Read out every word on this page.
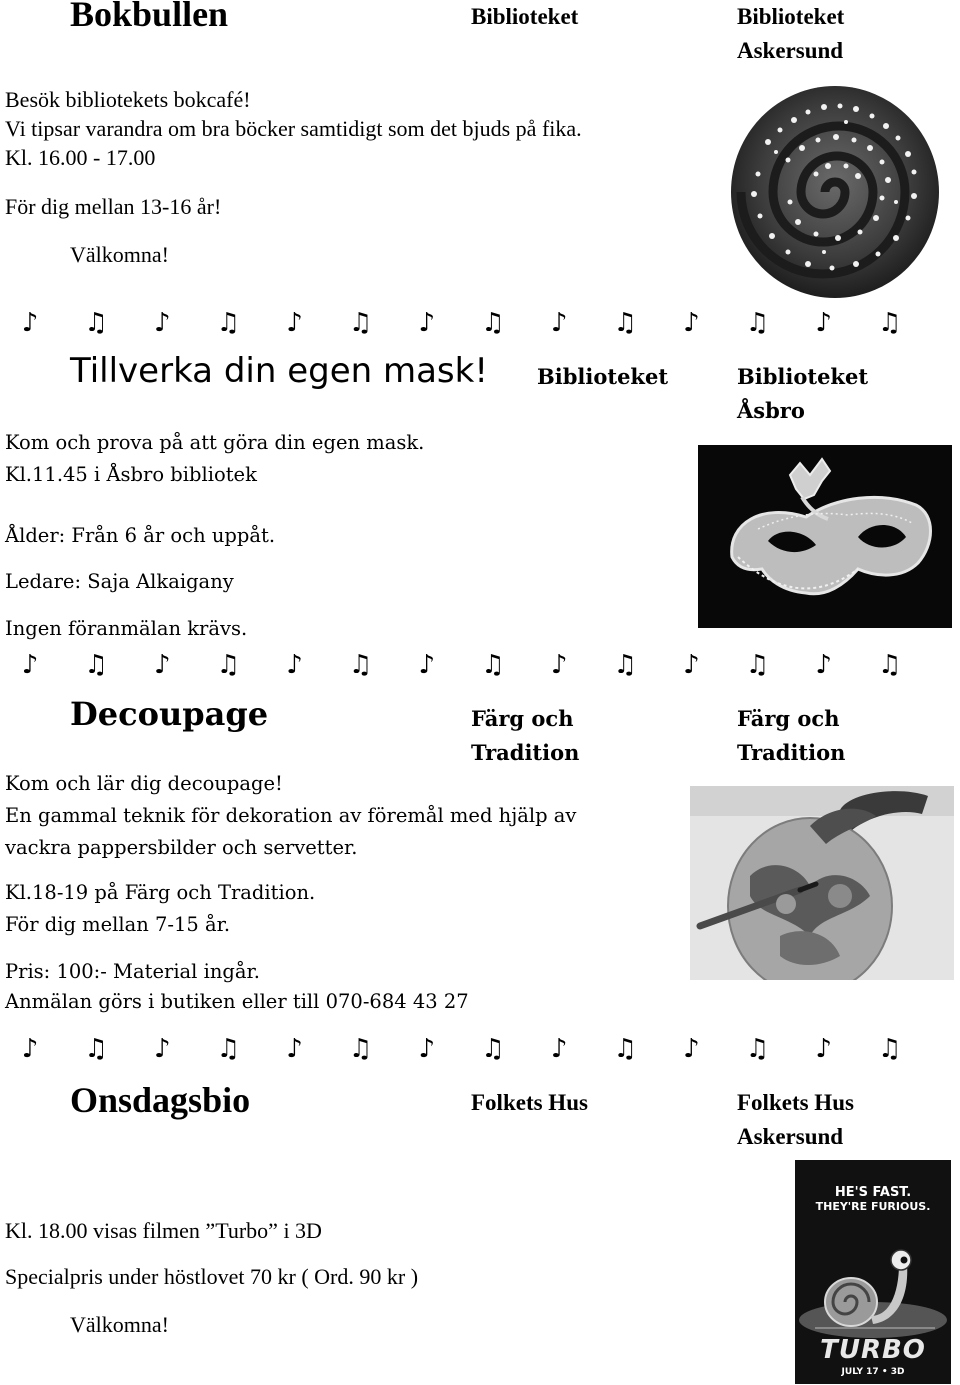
Bokbullen	Biblioteket	Biblioteket
Askersund
Besök bibliotekets bokcafé!
Vi tipsar varandra om bra böcker samtidigt som det bjuds på fika.
Kl. 16.00 - 17.00
För dig mellan 13-16 år!
Välkomna!
♪	♫	♪	♫	♪	♫	♪	♫	♪	♫	♪	♫	♪	♫
Tillverka din egen mask! Biblioteket	Biblioteket
Åsbro
Kom och prova på att göra din egen mask.
Kl.11.45 i Åsbro bibliotek
Ålder: Från 6 år och uppåt.
Ledare: Saja Alkaigany
Ingen föranmälan krävs.
♪	♫	♪	♫	♪	♫	♪	♫	♪	♫	♪	♫	♪	♫
Decoupage	Färg och
Tradition
Färg och
Tradition
Kom och lär dig decoupage!
En gammal teknik för dekoration av föremål med hjälp av
vackra pappersbilder och servetter.
Kl.18-19 på Färg och Tradition.
För dig mellan 7-15 år.
Pris: 100:- Material ingår.
Anmälan görs i butiken eller till 070-684 43 27
♪	♫	♪	♫	♪	♫	♪	♫	♪	♫	♪	♫	♪	♫
Onsdagsbio	Folkets Hus	Folkets Hus
Askersund
Kl. 18.00 visas filmen ”Turbo” i 3D
Specialpris under höstlovet 70 kr ( Ord. 90 kr )
Välkomna!
HE'S FAST.
THEY'RE FURIOUS.
TURBO
JULY 17 • 3D
